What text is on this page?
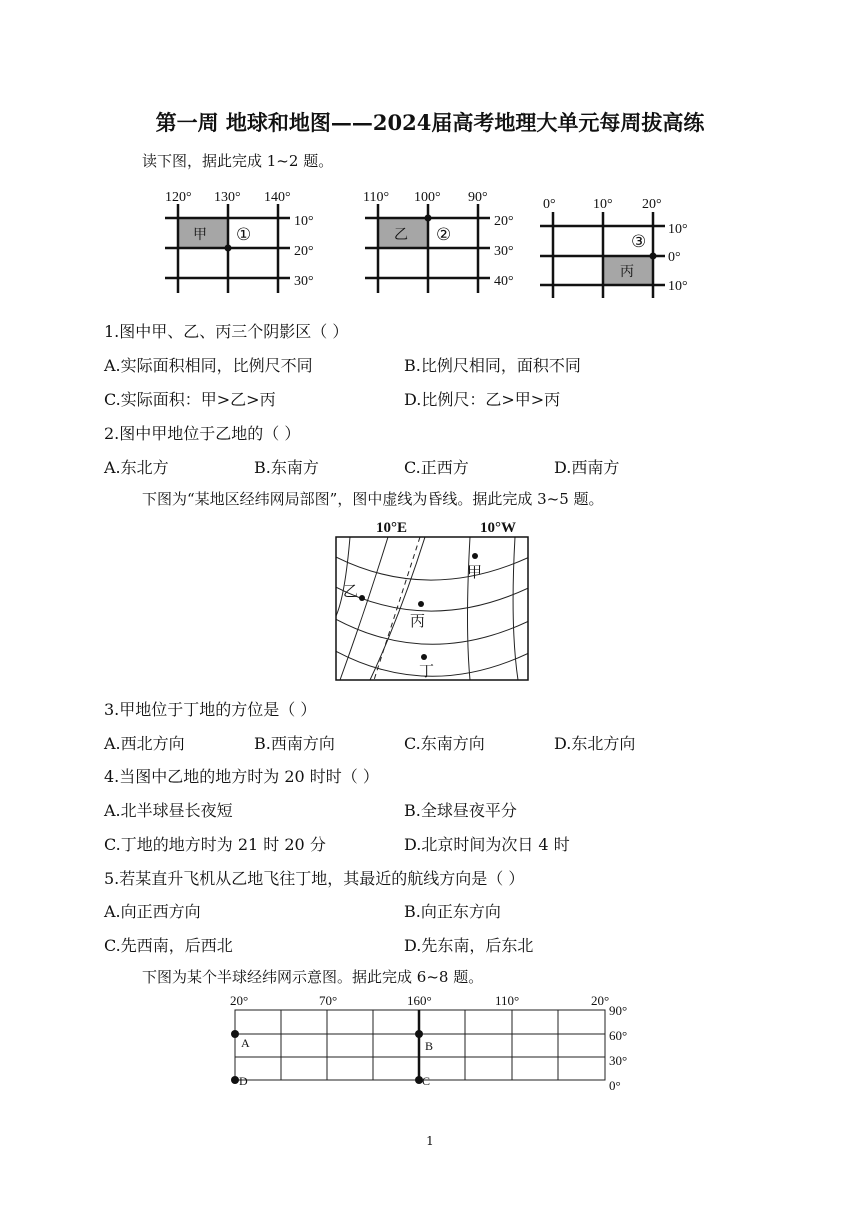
第一周 地球和地图——2024届高考地理大单元每周拔高练
读下图，据此完成 1~2 题。
120° 130° 140°
10°
20°
30°
甲 ①
110° 100° 90°
20°
30°
40°
乙 ②
0°	10° 20°
10°
0°
10°
丙
③
1.图中甲、乙、丙三个阴影区（ ）
A.实际面积相同，比例尺不同	B.比例尺相同，面积不同
C.实际面积：甲>乙>丙	D.比例尺：乙>甲>丙
2.图中甲地位于乙地的（ ）
A.东北方	B.东南方	C.正西方	D.西南方
下图为“某地区经纬网局部图”，图中虚线为昏线。据此完成 3~5 题。
10°E	10°W
甲
乙
丙
丁
3.甲地位于丁地的方位是（ ）
A.西北方向	B.西南方向	C.东南方向	D.东北方向
4.当图中乙地的地方时为 20 时时（ ）
A.北半球昼长夜短	B.全球昼夜平分
C.丁地的地方时为 21 时 20 分	D.北京时间为次日 4 时
5.若某直升飞机从乙地飞往丁地，其最近的航线方向是（ ）
A.向正西方向	B.向正东方向
C.先西南，后西北	D.先东南，后东北
下图为某个半球经纬网示意图。据此完成 6~8 题。
20°	70°	160°	110°	20°
90°
60°
30°
0°
A	B
C
D
1
